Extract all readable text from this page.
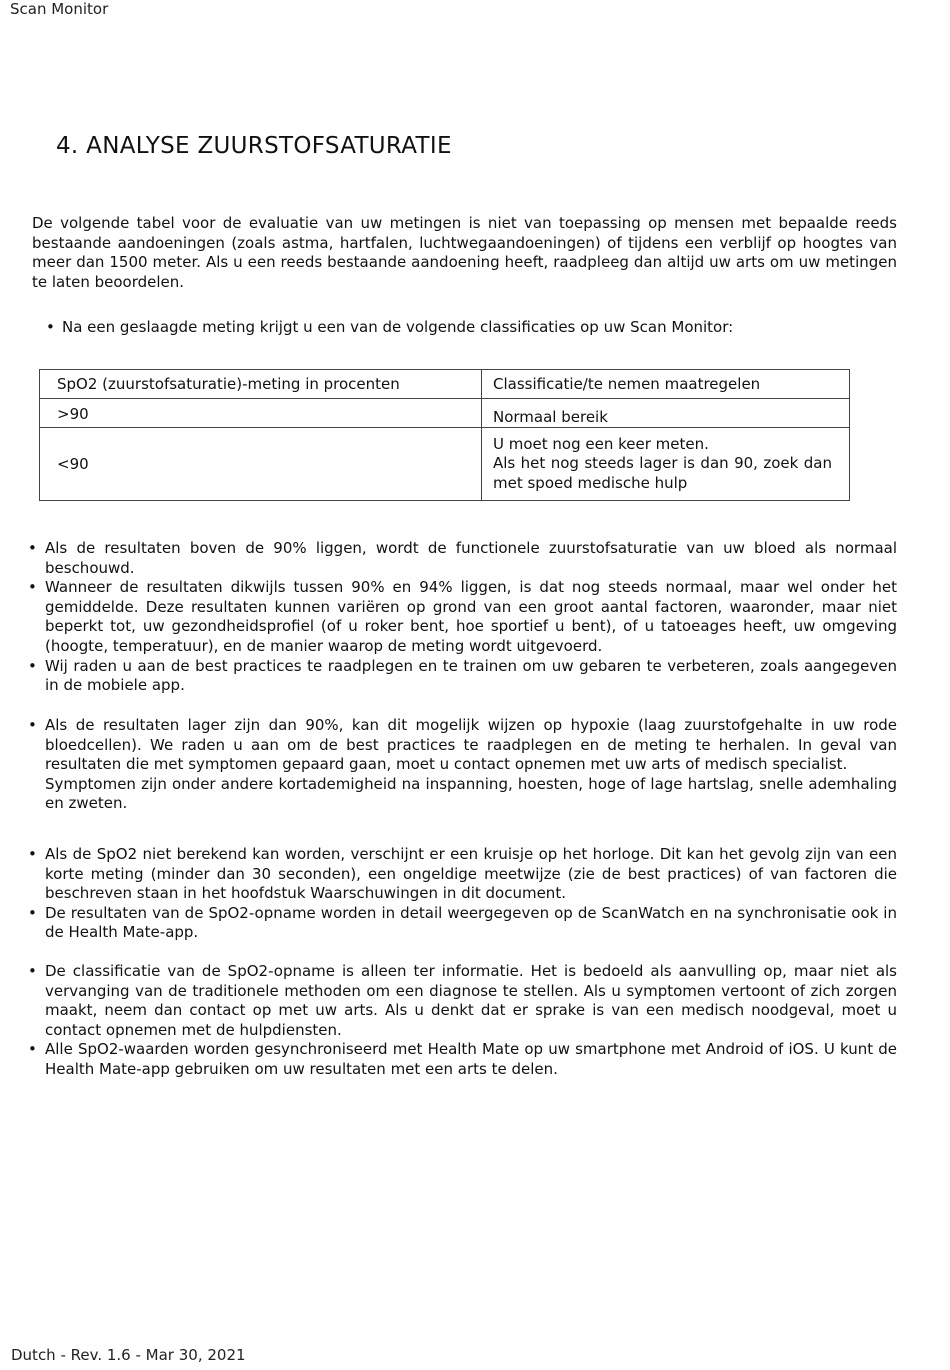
Scan Monitor
4. ANALYSE ZUURSTOFSATURATIE
De volgende tabel voor de evaluatie van uw metingen is niet van toepassing op mensen met bepaalde reeds bestaande aandoeningen (zoals astma, hartfalen, luchtwegaandoeningen) of tijdens een verblijf op hoogtes van meer dan 1500 meter. Als u een reeds bestaande aandoening heeft, raadpleeg dan altijd uw arts om uw metingen te laten beoordelen.
• Na een geslaagde meting krijgt u een van de volgende classificaties op uw Scan Monitor:
SpO2 (zuurstofsaturatie)-meting in procenten	Classificatie/te nemen maatregelen
>90	Normaal bereik

<90	U moet nog een keer meten.
Als het nog steeds lager is dan 90, zoek dan met spoed medische hulp
• Als de resultaten boven de 90% liggen, wordt de functionele zuurstofsaturatie van uw bloed als normaal beschouwd.
• Wanneer de resultaten dikwijls tussen 90% en 94% liggen, is dat nog steeds normaal, maar wel onder het gemiddelde. Deze resultaten kunnen variëren op grond van een groot aantal factoren, waaronder, maar niet beperkt tot, uw gezondheidsprofiel (of u roker bent, hoe sportief u bent), of u tatoeages heeft, uw omgeving (hoogte, temperatuur), en de manier waarop de meting wordt uitgevoerd.
• Wij raden u aan de best practices te raadplegen en te trainen om uw gebaren te verbeteren, zoals aangegeven in de mobiele app.
• Als de resultaten lager zijn dan 90%, kan dit mogelijk wijzen op hypoxie (laag zuurstofgehalte in uw rode bloedcellen). We raden u aan om de best practices te raadplegen en de meting te herhalen. In geval van resultaten die met symptomen gepaard gaan, moet u contact opnemen met uw arts of medisch specialist.
Symptomen zijn onder andere kortademigheid na inspanning, hoesten, hoge of lage hartslag, snelle ademhaling en zweten.
• Als de SpO2 niet berekend kan worden, verschijnt er een kruisje op het horloge. Dit kan het gevolg zijn van een korte meting (minder dan 30 seconden), een ongeldige meetwijze (zie de best practices) of van factoren die beschreven staan in het hoofdstuk Waarschuwingen in dit document.
• De resultaten van de SpO2-opname worden in detail weergegeven op de ScanWatch en na synchronisatie ook in de Health Mate-app.
• De classificatie van de SpO2-opname is alleen ter informatie. Het is bedoeld als aanvulling op, maar niet als vervanging van de traditionele methoden om een diagnose te stellen. Als u symptomen vertoont of zich zorgen maakt, neem dan contact op met uw arts. Als u denkt dat er sprake is van een medisch noodgeval, moet u contact opnemen met de hulpdiensten.
• Alle SpO2-waarden worden gesynchroniseerd met Health Mate op uw smartphone met Android of iOS. U kunt de Health Mate-app gebruiken om uw resultaten met een arts te delen.
Dutch - Rev. 1.6 - Mar 30, 2021
